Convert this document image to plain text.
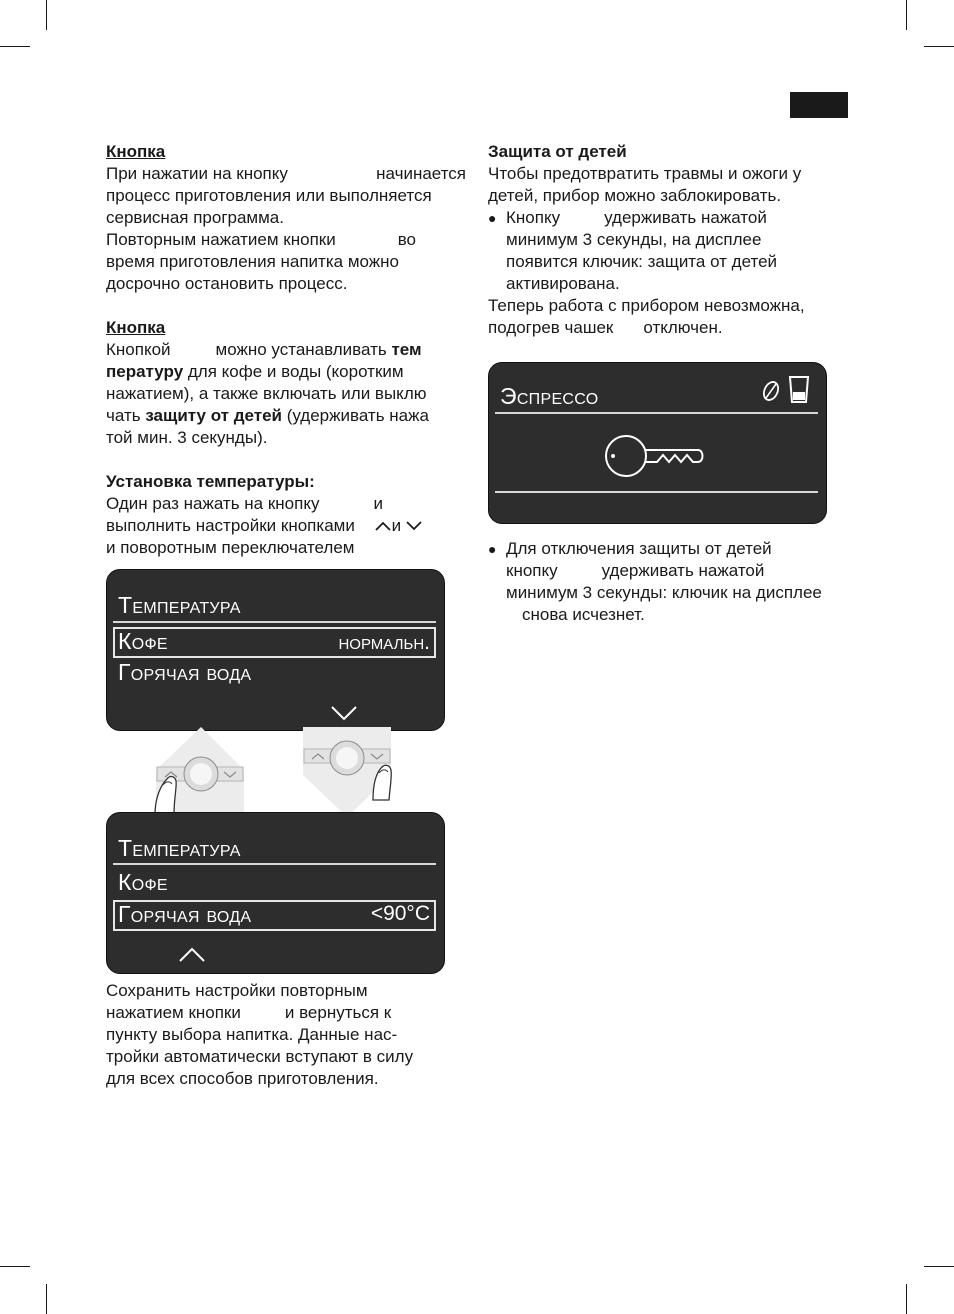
Кнопка

При нажатии на кнопку	начинается

процесс приготовления или выполняется

сервисная программа.

Повторным нажатием кнопки	во

время приготовления напитка можно

досрочно остановить процесс.

Кнопка

Кнопкой	можно устанавливать тем

пературу для кофе и воды (коротким

нажатием), а также включать или выклю

чать защиту от детей (удерживать нажа

той мин. 3 секунды).

Установка температуры:

Один раз нажать на кнопку	и

выполнить настройки кнопками и

и поворотным переключателем

Температура
Кофе	нормальн.
Горячая вода
Температура
Кофе
Горячая вода	<90°C

Сохранить настройки повторным

нажатием кнопки	и вернуться к

пункту выбора напитка. Данные нас-

тройки автоматически вступают в силу

для всех способов приготовления.

Защита от детей

Чтобы предотвратить травмы и ожоги у

детей, прибор можно заблокировать.

● Кнопку	удерживать нажатой

минимум 3 секунды, на дисплее

появится ключик: защита от детей

активирована.

Теперь работа с прибором невозможна,

подогрев чашек отключен.

Эспрессо

● Для отключения защиты от детей

кнопку	удерживать нажатой

минимум 3 секунды: ключик на дисплее

снова исчезнет.
